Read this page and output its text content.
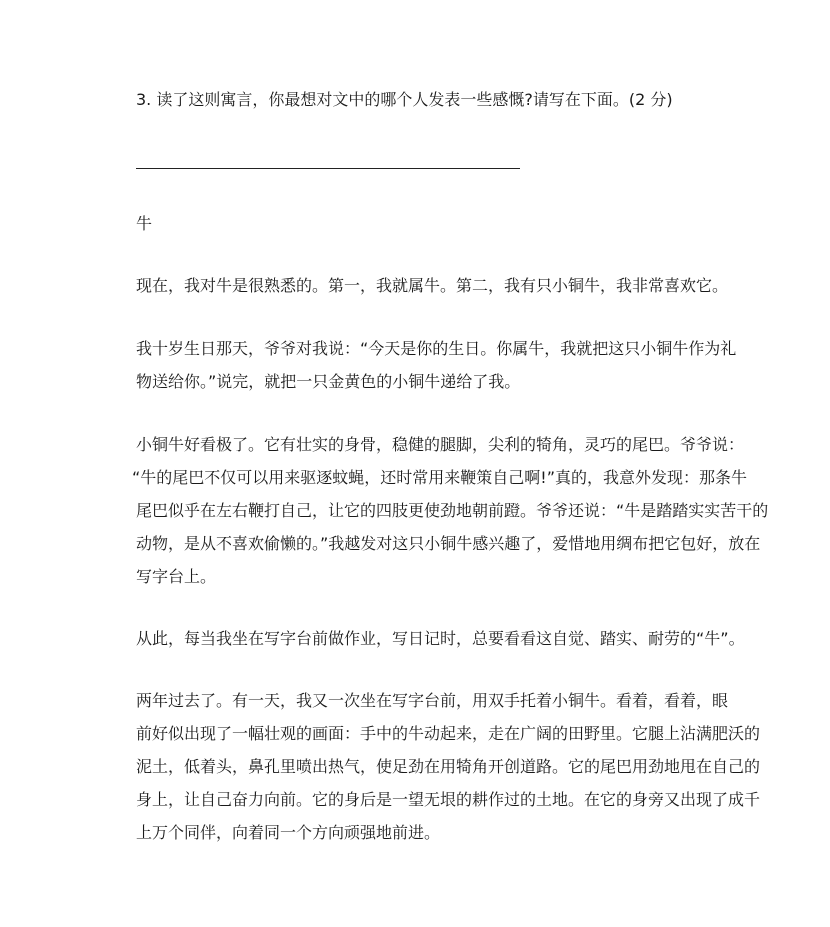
3. 读了这则寓言，你最想对文中的哪个人发表一些感慨?请写在下面。(2 分)
牛
现在，我对牛是很熟悉的。第一，我就属牛。第二，我有只小铜牛，我非常喜欢它。
我十岁生日那天，爷爷对我说：“今天是你的生日。你属牛，我就把这只小铜牛作为礼
物送给你。”说完，就把一只金黄色的小铜牛递给了我。
小铜牛好看极了。它有壮实的身骨，稳健的腿脚，尖利的犄角，灵巧的尾巴。爷爷说：
“牛的尾巴不仅可以用来驱逐蚊蝇，还时常用来鞭策自己啊!”真的，我意外发现：那条牛
尾巴似乎在左右鞭打自己，让它的四肢更使劲地朝前蹬。爷爷还说：“牛是踏踏实实苦干的
动物，是从不喜欢偷懒的。”我越发对这只小铜牛感兴趣了，爱惜地用绸布把它包好，放在
写字台上。
从此，每当我坐在写字台前做作业，写日记时，总要看看这自觉、踏实、耐劳的“牛”。
两年过去了。有一天，我又一次坐在写字台前，用双手托着小铜牛。看着，看着，眼
前好似出现了一幅壮观的画面：手中的牛动起来，走在广阔的田野里。它腿上沾满肥沃的
泥土，低着头，鼻孔里喷出热气，使足劲在用犄角开创道路。它的尾巴用劲地甩在自己的
身上，让自己奋力向前。它的身后是一望无垠的耕作过的土地。在它的身旁又出现了成千
上万个同伴，向着同一个方向顽强地前进。
